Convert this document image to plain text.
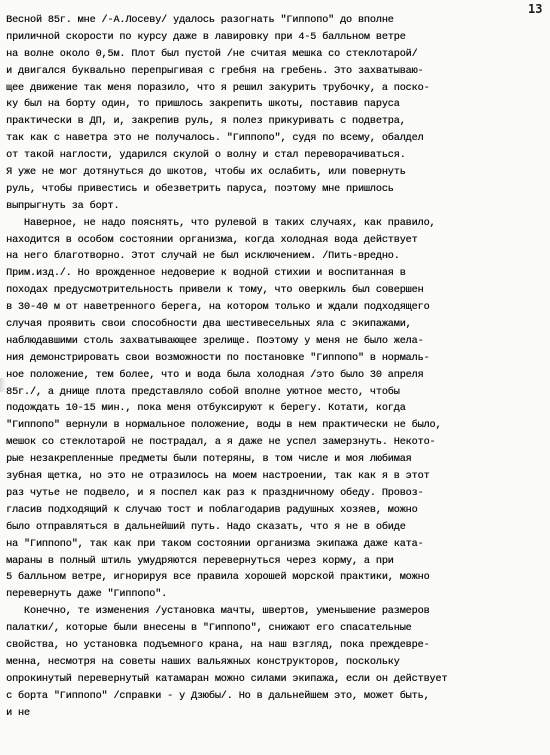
13
Весной 85г. мне /-А.Лосеву/ удалось разогнать "Гиппопо" до вполне
приличной скорости по курсу даже в лавировку при 4-5 балльном ветре
на волне около 0,5м. Плот был пустой /не считая мешка со стеклотарой/
и двигался буквально перепрыгивая с гребня на гребень. Это захватываю-
щее движение так меня поразило, что я решил закурить трубочку, а поско-
ку был на борту один, то пришлось закрепить шкоты, поставив паруса
практически в ДП, и, закрепив руль, я полез прикуривать с подветра,
так как с наветра это не получалось. "Гиппопо", судя по всему, обалдел
от такой наглости, ударился скулой о волну и стал переворачиваться.
Я уже не мог дотянуться до шкотов, чтобы их ослабить, или повернуть
руль, чтобы привестись и обезветрить паруса, поэтому мне пришлось
выпрыгнуть за борт.
Наверное, не надо пояснять, что рулевой в таких случаях, как правило,
находится в особом состоянии организма, когда холодная вода действует
на него благотворно. Этот случай не был исключением. /Пить-вредно.
Прим.изд./. Но врожденное недоверие к водной стихии и воспитанная в
походах предусмотрительность привели к тому, что оверкиль был совершен
в 30-40 м от наветренного берега, на котором только и ждали подходящего
случая проявить свои способности два шестивесельных яла с экипажами,
наблюдавшими столь захватывающее зрелище. Поэтому у меня не было жела-
ния демонстрировать свои возможности по постановке "Гиппопо" в нормаль-
ное положение, тем более, что и вода была холодная /это было 30 апреля
85г./, а днище плота представляло собой вполне уютное место, чтобы
подождать 10-15 мин., пока меня отбуксируют к берегу. Котати, когда
"Гиппопо" вернули в нормальное положение, воды в нем практически не было,
мешок со стеклотарой не пострадал, а я даже не успел замерзнуть. Некото-
рые незакрепленные предметы были потеряны, в том числе и моя любимая
зубная щетка, но это не отразилось на моем настроении, так как я в этот
раз чутье не подвело, и я поспел как раз к праздничному обеду. Провоз-
гласив подходящий к случаю тост и поблагодарив радушных хозяев, можно
было отправляться в дальнейший путь. Надо сказать, что я не в обиде
на "Гиппопо", так как при таком состоянии организма экипажа даже ката-
мараны в полный штиль умудряются перевернуться через корму, а при
5 балльном ветре, игнорируя все правила хорошей морской практики, можно
перевернуть даже "Гиппопо".
Конечно, те изменения /установка мачты, швертов, уменьшение размеров
палатки/, которые были внесены в "Гиппопо", снижают его спасательные
свойства, но установка подъемного крана, на наш взгляд, пока преждевре-
менна, несмотря на советы наших вальяжных конструкторов, поскольку
опрокинутый перевернутый катамаран можно силами экипажа, если он действует
с борта "Гиппопо" /справки - у Дзюбы/. Но в дальнейшем это, может быть,
и не
